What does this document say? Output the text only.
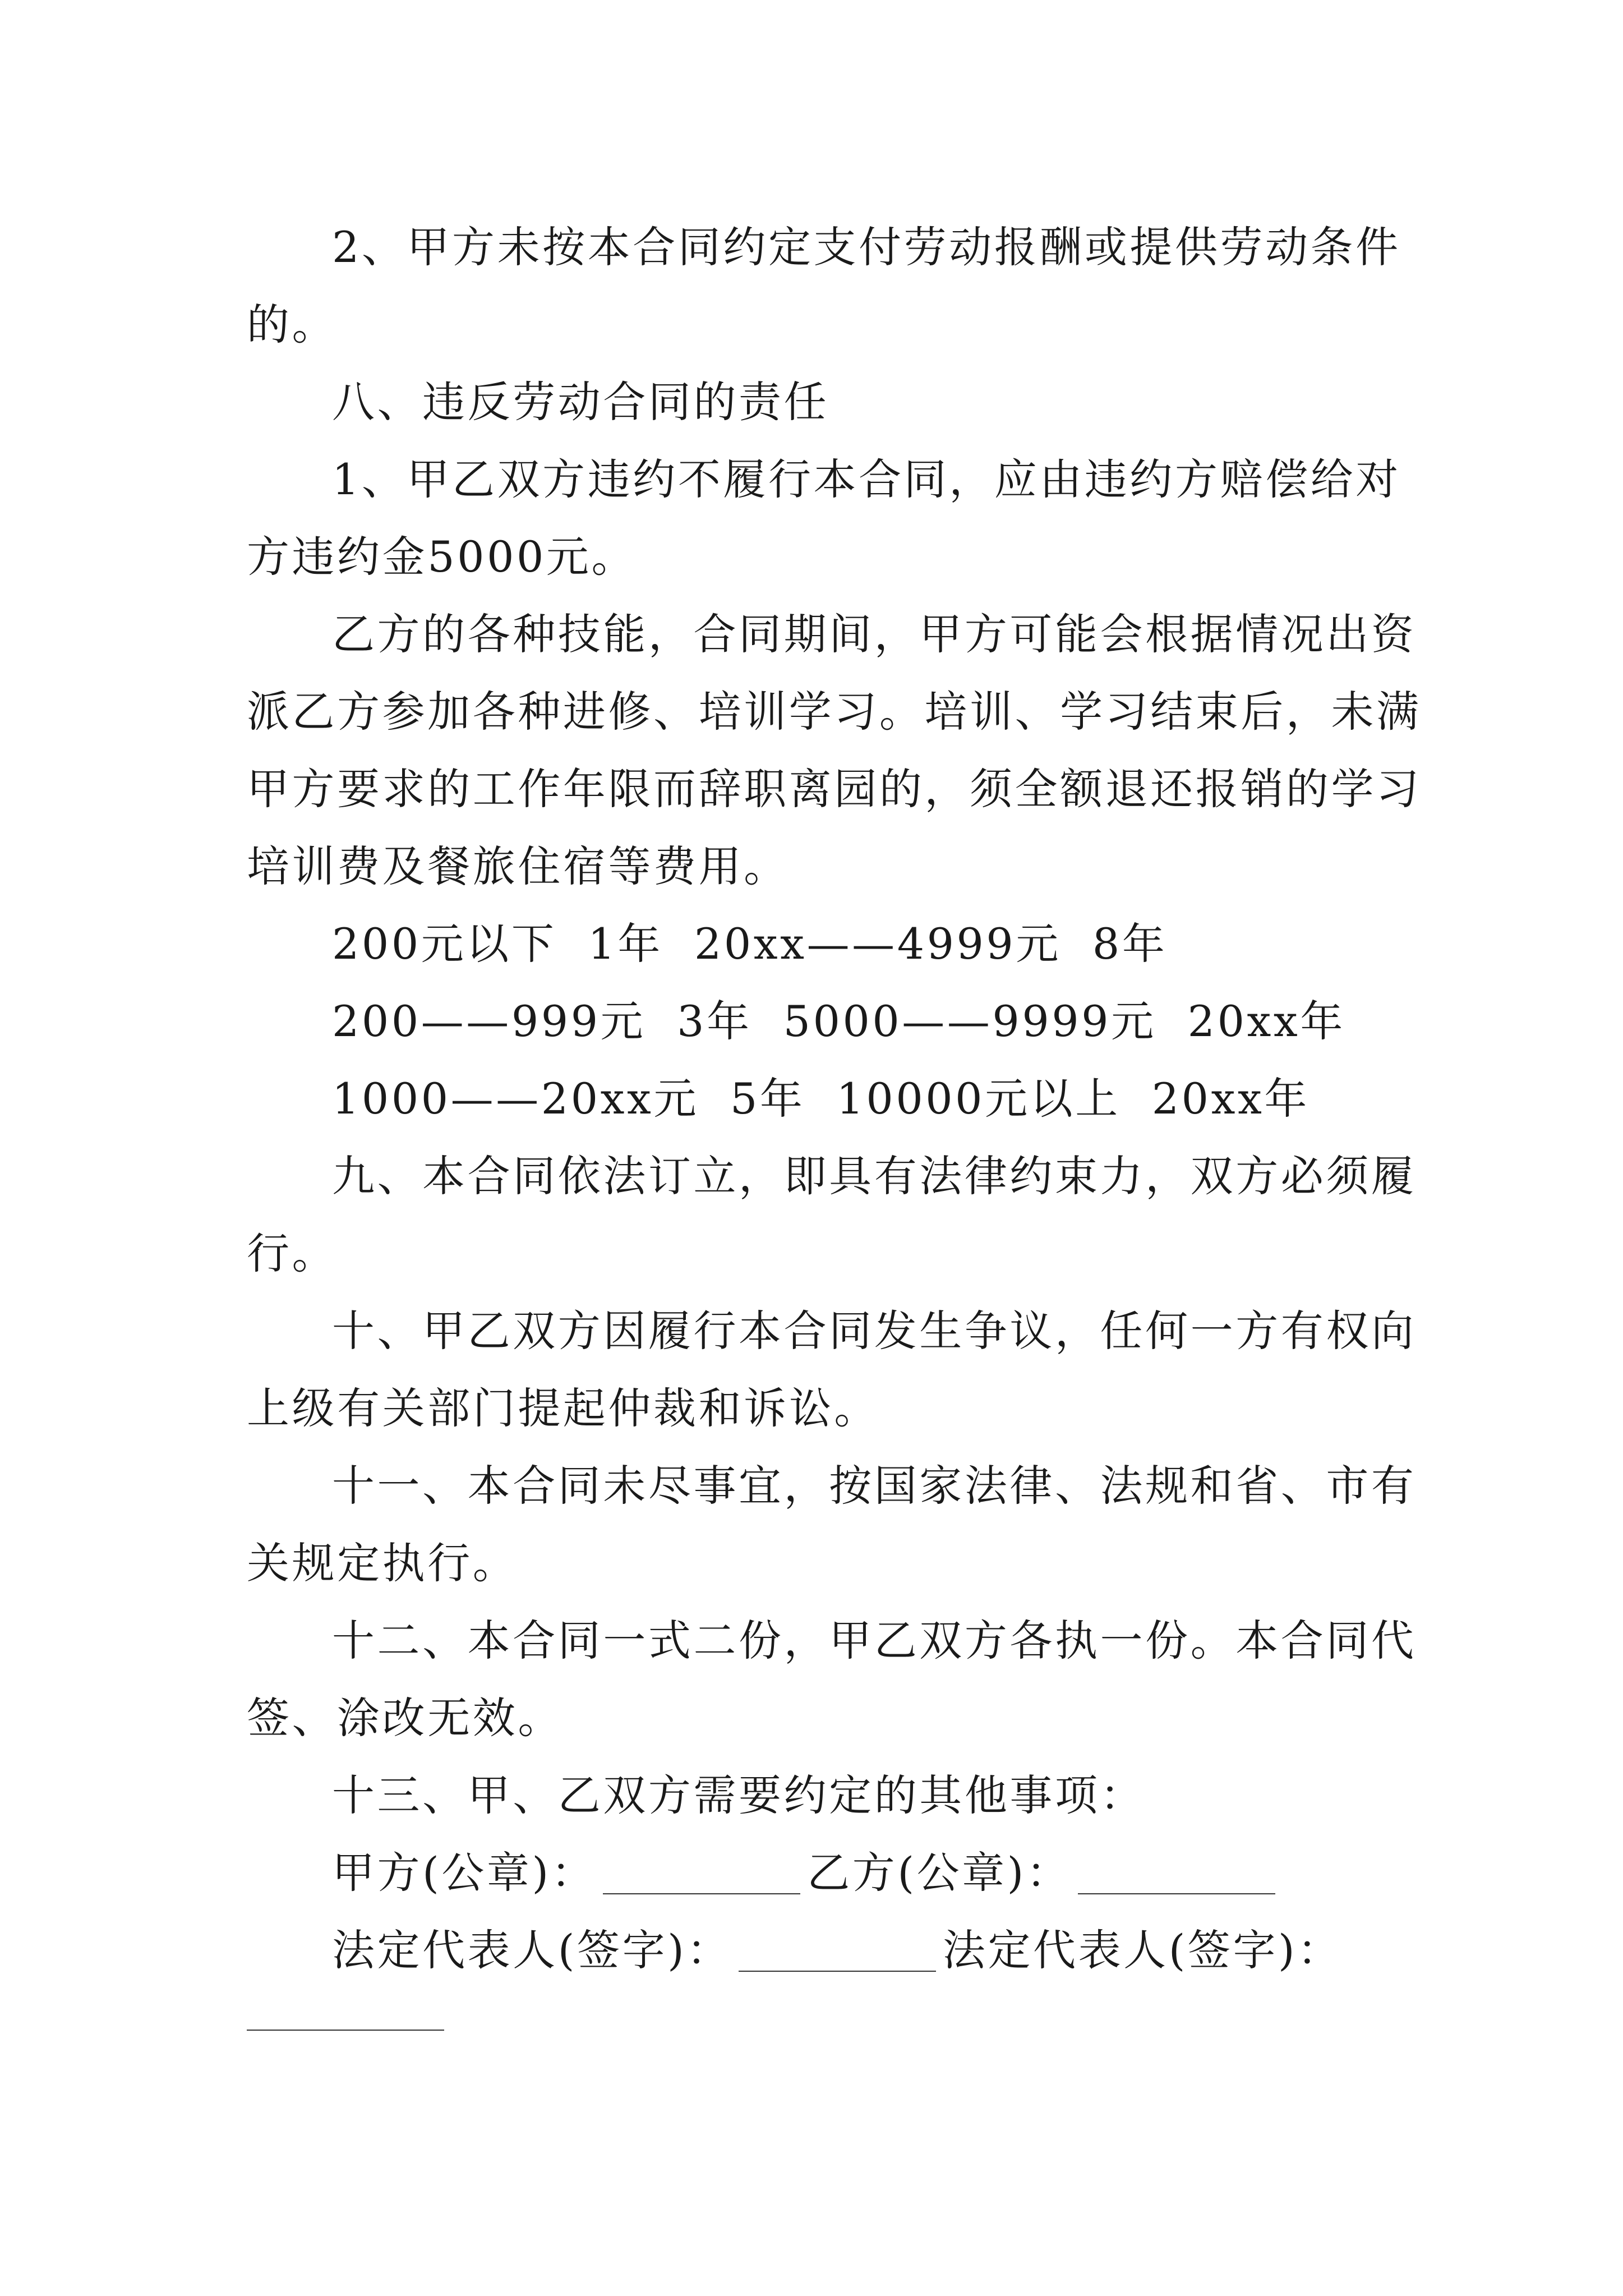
2、甲方未按本合同约定支付劳动报酬或提供劳动条件
的。
八、违反劳动合同的责任
1、甲乙双方违约不履行本合同，应由违约方赔偿给对
方违约金5000元。
乙方的各种技能，合同期间，甲方可能会根据情况出资
派乙方参加各种进修、培训学习。培训、学习结束后，未满
甲方要求的工作年限而辞职离园的，须全额退还报销的学习
培训费及餐旅住宿等费用。
200元以下 1年 20xx——4999元 8年
200——999元 3年 5000——9999元 20xx年
1000——20xx元 5年 10000元以上 20xx年
九、本合同依法订立，即具有法律约束力，双方必须履
行。
十、甲乙双方因履行本合同发生争议，任何一方有权向
上级有关部门提起仲裁和诉讼。
十一、本合同未尽事宜，按国家法律、法规和省、市有
关规定执行。
十二、本合同一式二份，甲乙双方各执一份。本合同代
签、涂改无效。
十三、甲、乙双方需要约定的其他事项：
甲方(公章)：	乙方(公章)：
法定代表人(签字)：	法定代表人(签字)：
